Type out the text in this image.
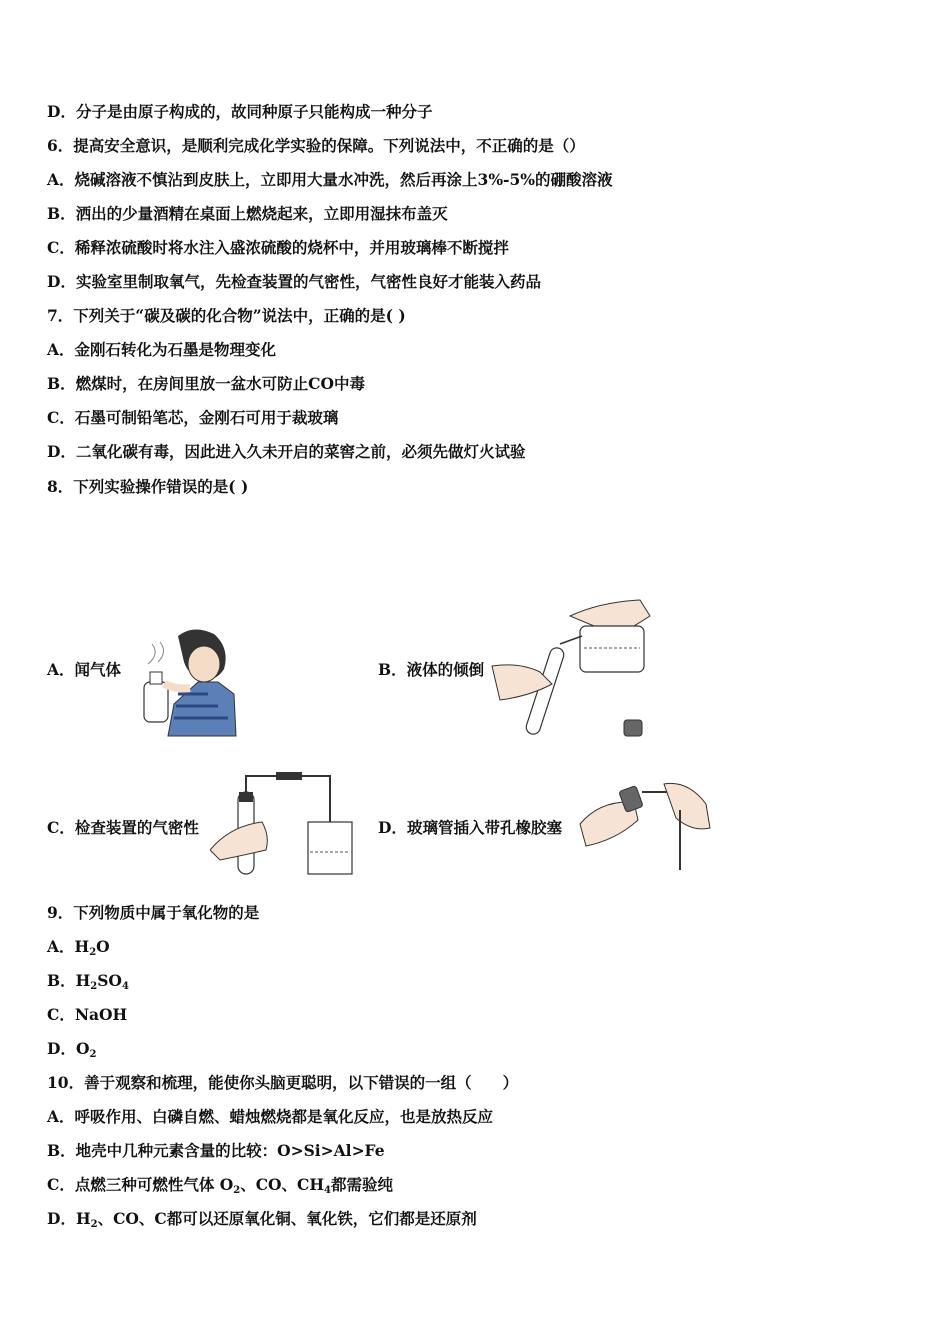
D．分子是由原子构成的，故同种原子只能构成一种分子
6．提高安全意识，是顺利完成化学实验的保障。下列说法中，不正确的是（）
A．烧碱溶液不慎沾到皮肤上，立即用大量水冲洗，然后再涂上3%-5%的硼酸溶液
B．洒出的少量酒精在桌面上燃烧起来，立即用湿抹布盖灭
C．稀释浓硫酸时将水注入盛浓硫酸的烧杯中，并用玻璃棒不断搅拌
D．实验室里制取氧气，先检查装置的气密性，气密性良好才能装入药品
7．下列关于“碳及碳的化合物”说法中，正确的是( )
A．金刚石转化为石墨是物理变化
B．燃煤时，在房间里放一盆水可防止CO中毒
C．石墨可制铅笔芯，金刚石可用于裁玻璃
D．二氧化碳有毒，因此进入久未开启的菜窖之前，必须先做灯火试验
8．下列实验操作错误的是( )
A．闻气体	B．液体的倾倒
C．检查装置的气密性	D．玻璃管插入带孔橡胶塞
9．下列物质中属于氧化物的是
A．$H_2O$
B．$H_2SO_4$
C．NaOH
D．$O_2$
10．善于观察和梳理，能使你头脑更聪明，以下错误的一组（　　）
A．呼吸作用、白磷自燃、蜡烛燃烧都是氧化反应，也是放热反应
B．地壳中几种元素含量的比较：O>Si>Al>Fe
C．点燃三种可燃性气体 $O_2$、CO、$CH_4$都需验纯
D．$H_2$、CO、C都可以还原氧化铜、氧化铁，它们都是还原剂
